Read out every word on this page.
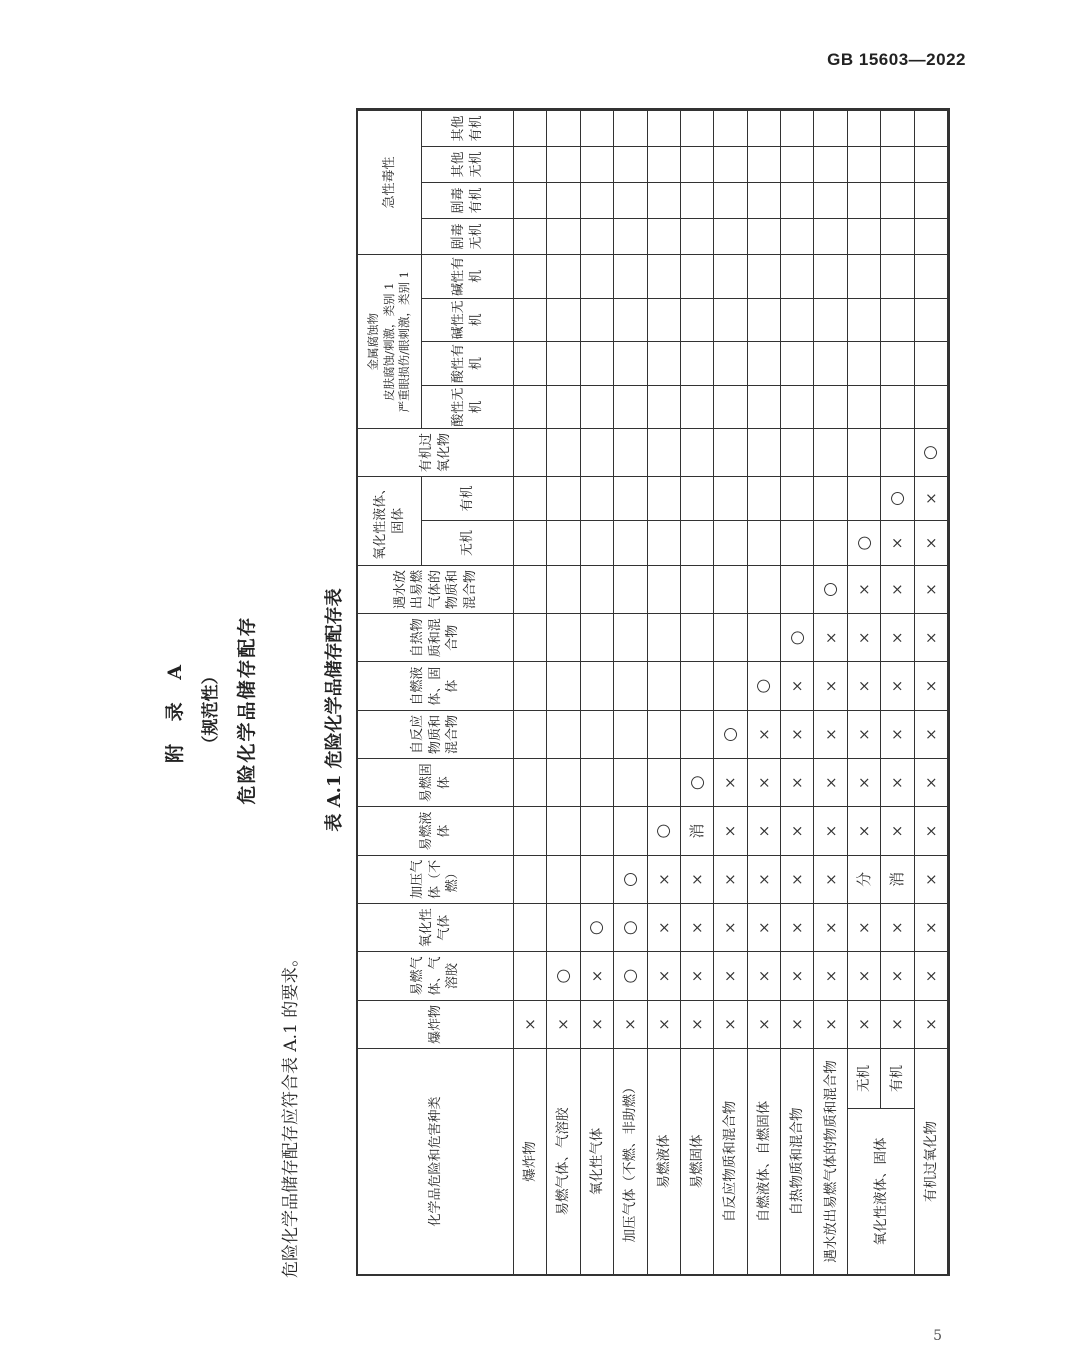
GB 15603—2022
5
附 录 A （规范性） 危险化学品储存配存
危险化学品储存配存应符合表 A.1 的要求。
表 A.1 危险化学品储存配存表
化学品危险和危害种类
爆炸物
易燃气体、气溶胶
氧化性气体
加压气体（不燃）
易燃液体
易燃固体
自反应物质和混合物
自燃液体、固体
自热物质和混合物
遇水放出易燃气体的物质和混合物
有机过氧化物
氧化性液体、固体
无机
有机
金属腐蚀物
皮肤腐蚀/刺激，类别 1
严重眼损伤/眼刺激，类别 1
酸性无机
酸性有机
碱性无机
碱性有机
急性毒性
剧毒无机
剧毒有机
其他无机
其他有机
爆炸物
×
易燃气体、气溶胶
×
○
氧化性气体
×
×
○
加压气体（不燃、非助燃）
×
○
○
○
易燃液体
×
×
×
×
○
易燃固体
×
×
×
×
消
○
自反应物质和混合物
×
×
×
×
×
×
○
自燃液体、自燃固体
×
×
×
×
×
×
×
○
自热物质和混合物
×
×
×
×
×
×
×
×
○
遇水放出易燃气体的物质和混合物
×
×
×
×
×
×
×
×
×
○
氧化性液体、固体
无机
×
×
×
分
×
×
×
×
×
×
○
有机
×
×
×
消
×
×
×
×
×
×
×
○
有机过氧化物
×
×
×
×
×
×
×
×
×
×
×
×
○
